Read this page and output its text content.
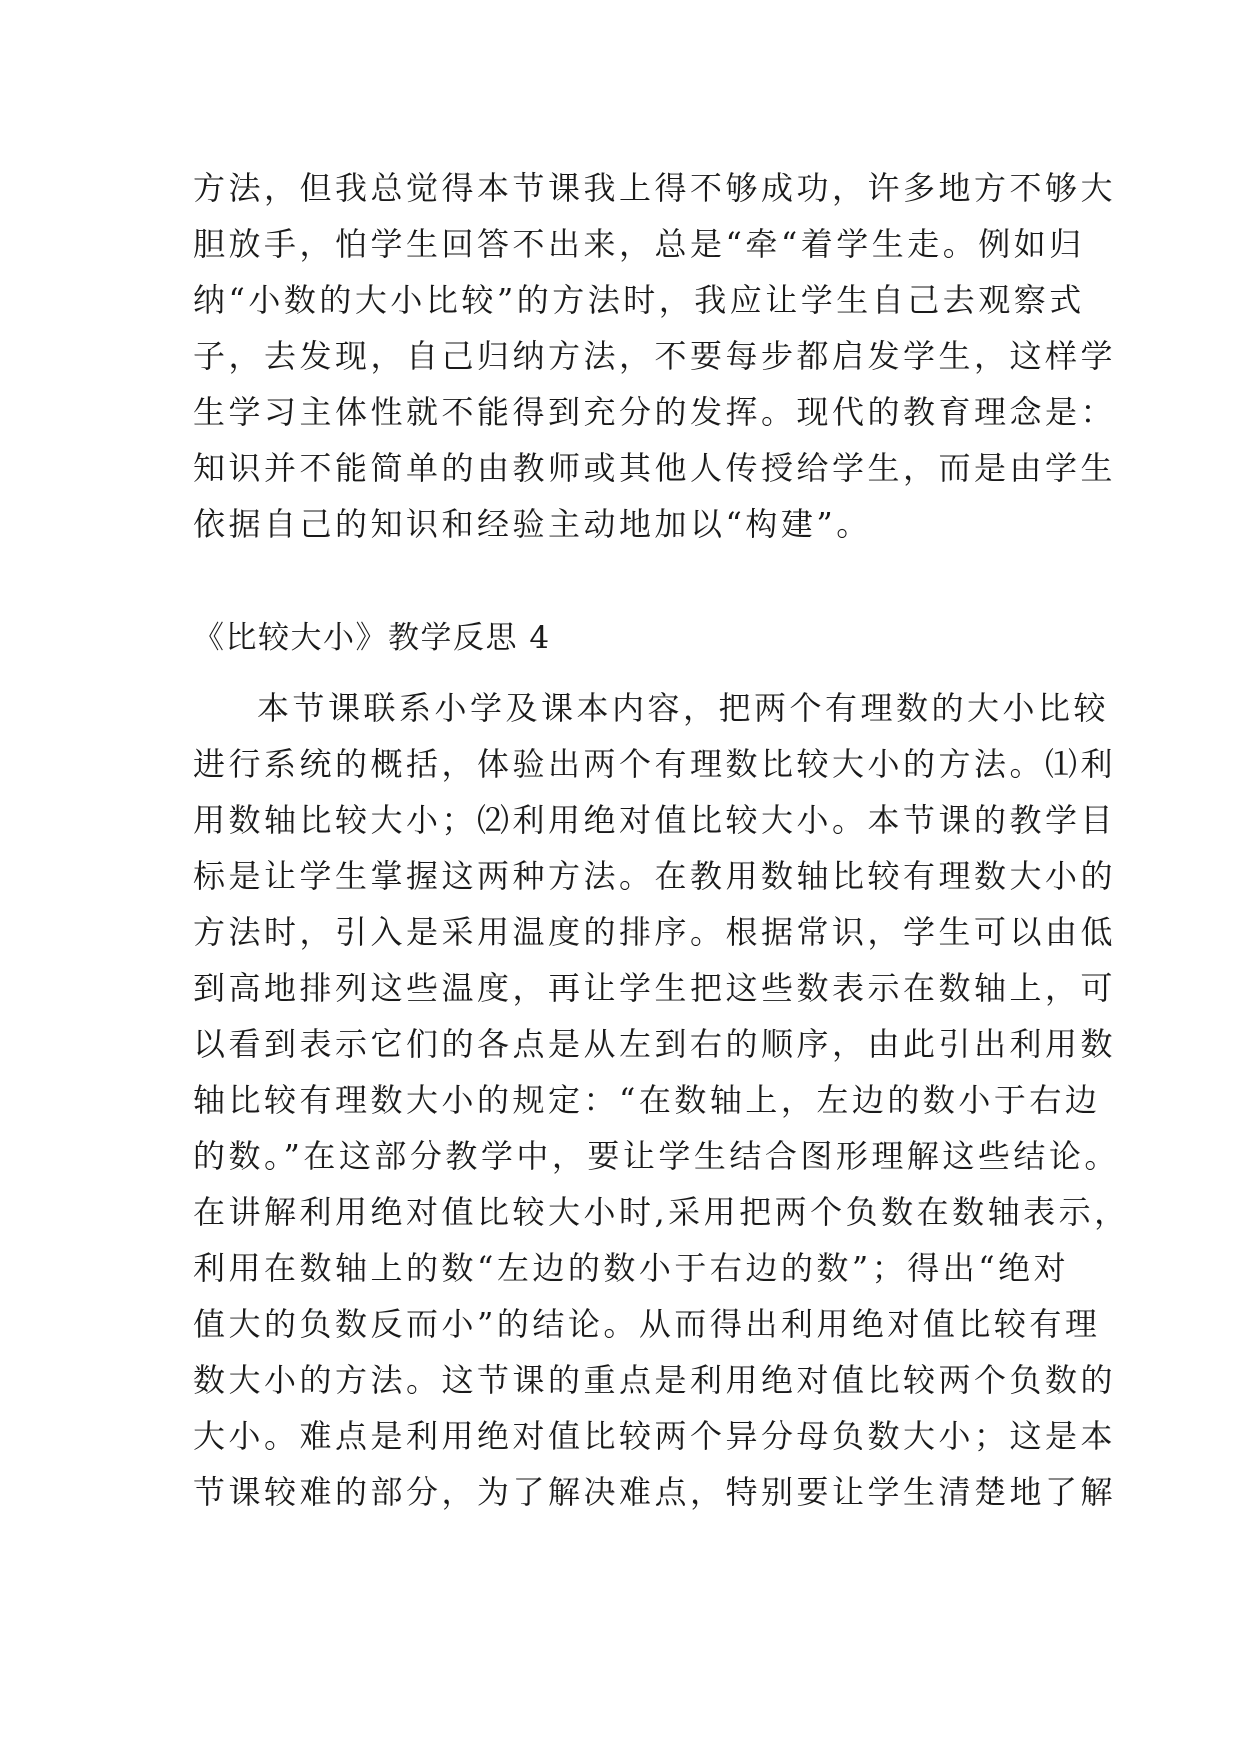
方法，但我总觉得本节课我上得不够成功，许多地方不够大
胆放手，怕学生回答不出来，总是“牵“着学生走。例如归
纳“小数的大小比较”的方法时，我应让学生自己去观察式
子，去发现，自己归纳方法，不要每步都启发学生，这样学
生学习主体性就不能得到充分的发挥。现代的教育理念是：
知识并不能简单的由教师或其他人传授给学生，而是由学生
依据自己的知识和经验主动地加以“构建”。
《比较大小》教学反思 4
本节课联系小学及课本内容，把两个有理数的大小比较
进行系统的概括，体验出两个有理数比较大小的方法。⑴利
用数轴比较大小；⑵利用绝对值比较大小。本节课的教学目
标是让学生掌握这两种方法。在教用数轴比较有理数大小的
方法时，引入是采用温度的排序。根据常识，学生可以由低
到高地排列这些温度，再让学生把这些数表示在数轴上，可
以看到表示它们的各点是从左到右的顺序，由此引出利用数
轴比较有理数大小的规定：“在数轴上，左边的数小于右边
的数。”在这部分教学中，要让学生结合图形理解这些结论。
在讲解利用绝对值比较大小时,采用把两个负数在数轴表示，
利用在数轴上的数“左边的数小于右边的数”；得出“绝对
值大的负数反而小”的结论。从而得出利用绝对值比较有理
数大小的方法。这节课的重点是利用绝对值比较两个负数的
大小。难点是利用绝对值比较两个异分母负数大小；这是本
节课较难的部分，为了解决难点，特别要让学生清楚地了解
